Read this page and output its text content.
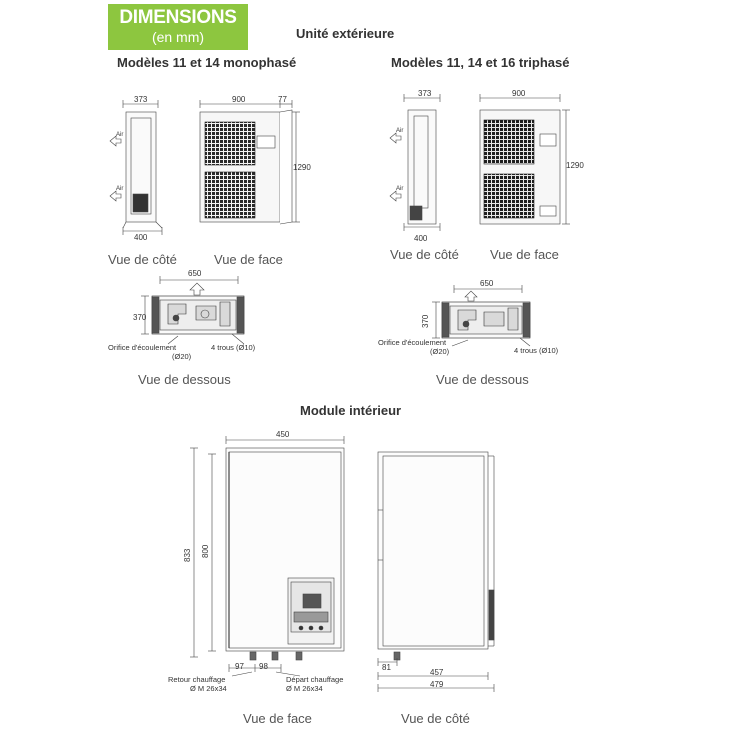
DIMENSIONS
(en mm)	Unité extérieure
Modèles 11 et 14 monophasé	Modèles 11, 14 et 16 triphasé
Module intérieur
Vue de côté	Vue de face
Vue de dessous
Vue de côté Vue de face
Vue de dessous
Vue de face	Vue de côté
373
400
900	77
1290
650
370
Air
Air
Orifice d'écoulement
(Ø20)
4 trous (Ø10)
373
400
900
1290
650
370
Air
Air
Orifice d'écoulement
(Ø20)	4 trous (Ø10)
450
833 800
97 98
Retour chauffage
Ø M 26x34
Départ chauffage
Ø M 26x34
81
457
479
